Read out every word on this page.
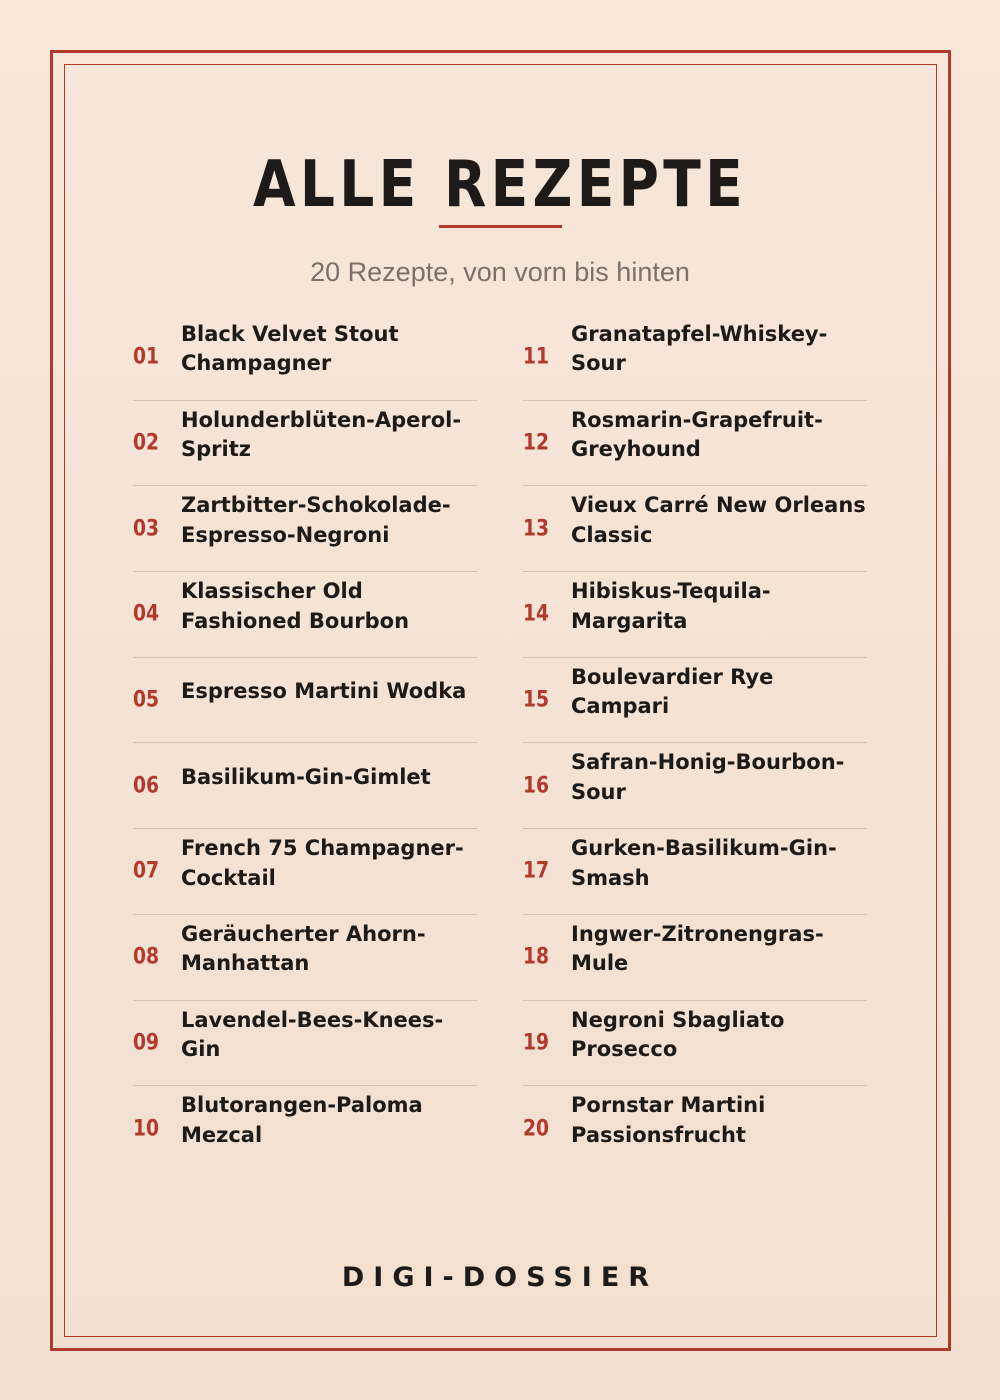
ALLE REZEPTE
20 Rezepte, von vorn bis hinten
01
Black Velvet Stout
Champagner
02
Holunderblüten-Aperol-
Spritz
03
Zartbitter-Schokolade-
Espresso-Negroni
04
Klassischer Old
Fashioned Bourbon
05 Espresso Martini Wodka
06 Basilikum-Gin-Gimlet
07
French 75 Champagner-
Cocktail
08
Geräucherter Ahorn-
Manhattan
09
Lavendel-Bees-Knees-
Gin
10
Blutorangen-Paloma
Mezcal
11
Granatapfel-Whiskey-
Sour
12
Rosmarin-Grapefruit-
Greyhound
13
Vieux Carré New Orleans
Classic
14
Hibiskus-Tequila-
Margarita
15
Boulevardier Rye
Campari
16
Safran-Honig-Bourbon-
Sour
17
Gurken-Basilikum-Gin-
Smash
18
Ingwer-Zitronengras-
Mule
19
Negroni Sbagliato
Prosecco
20
Pornstar Martini
Passionsfrucht
DIGI-DOSSIER
